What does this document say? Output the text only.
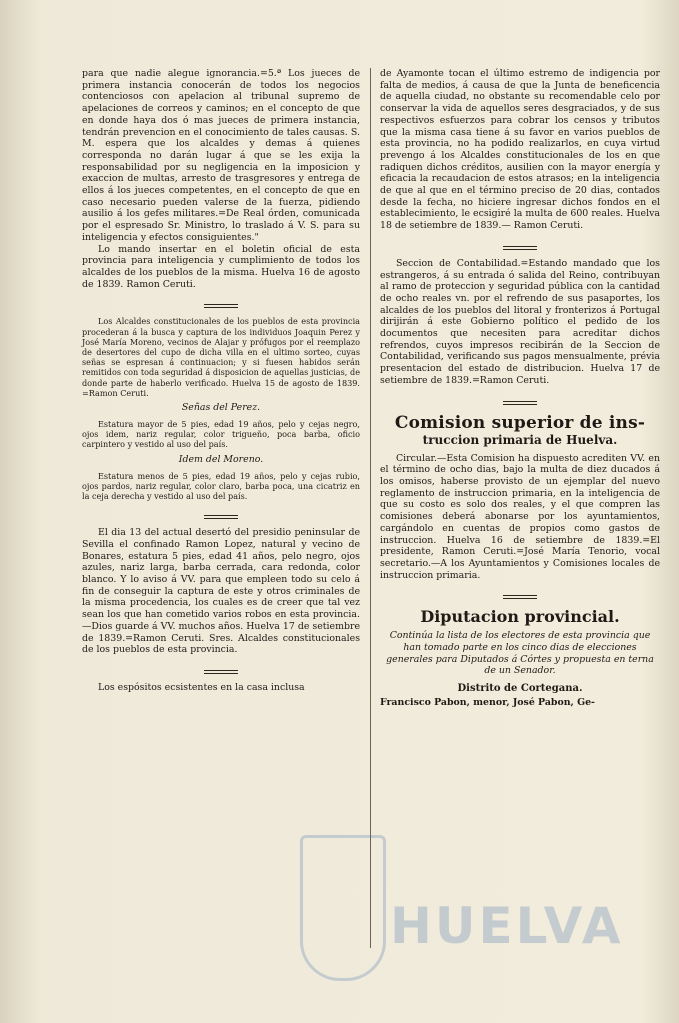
para que nadie alegue ignorancia.=5.ª Los jueces de primera instancia conocerán de todos los negocios contenciosos con apelacion al tribunal supremo de apelaciones de correos y caminos; en el concepto de que en donde haya dos ó mas jueces de primera instancia, tendrán prevencion en el conocimiento de tales causas. S. M. espera que los alcaldes y demas á quienes corresponda no darán lugar á que se les exija la responsabilidad por su negligencia en la imposicion y exaccion de multas, arresto de trasgresores y entrega de ellos á los jueces competentes, en el concepto de que en caso necesario pueden valerse de la fuerza, pidiendo ausilio á los gefes militares.=De Real órden, comunicada por el espresado Sr. Ministro, lo traslado á V. S. para su inteligencia y efectos consiguientes."

Lo mando insertar en el boletin oficial de esta provincia para inteligencia y cumplimiento de todos los alcaldes de los pueblos de la misma. Huelva 16 de agosto de 1839. Ramon Ceruti.

Los Alcaldes constitucionales de los pueblos de esta provincia procederan á la busca y captura de los individuos Joaquin Perez y José María Moreno, vecinos de Alajar y prófugos por el reemplazo de desertores del cupo de dicha villa en el ultimo sorteo, cuyas señas se espresan á continuacion; y si fuesen habidos serán remitidos con toda seguridad á disposicion de aquellas justicias, de donde parte de haberlo verificado. Huelva 15 de agosto de 1839. =Ramon Ceruti.

Señas del Perez.

Estatura mayor de 5 pies, edad 19 años, pelo y cejas negro, ojos idem, nariz regular, color trigueño, poca barba, oficio carpintero y vestido al uso del país.

Idem del Moreno.

Estatura menos de 5 pies, edad 19 años, pelo y cejas rubio, ojos pardos, nariz regular, color claro, barba poca, una cicatriz en la ceja derecha y vestido al uso del país.

El dia 13 del actual desertó del presidio peninsular de Sevilla el confinado Ramon Lopez, natural y vecino de Bonares, estatura 5 pies, edad 41 años, pelo negro, ojos azules, nariz larga, barba cerrada, cara redonda, color blanco. Y lo aviso á VV. para que empleen todo su celo á fin de conseguir la captura de este y otros criminales de la misma procedencia, los cuales es de creer que tal vez sean los que han cometido varios robos en esta provincia.—Dios guarde á VV. muchos años. Huelva 17 de setiembre de 1839.=Ramon Ceruti. Sres. Alcaldes constitucionales de los pueblos de esta provincia.

Los espósitos ecsistentes en la casa inclusa

de Ayamonte tocan el último estremo de indigencia por falta de medios, á causa de que la Junta de beneficencia de aquella ciudad, no obstante su recomendable celo por conservar la vida de aquellos seres desgraciados, y de sus respectivos esfuerzos para cobrar los censos y tributos que la misma casa tiene á su favor en varios pueblos de esta provincia, no ha podido realizarlos, en cuya virtud prevengo á los Alcaldes constitucionales de los en que radiquen dichos créditos, ausilien con la mayor energía y eficacia la recaudacion de estos atrasos; en la inteligencia de que al que en el término preciso de 20 dias, contados desde la fecha, no hiciere ingresar dichos fondos en el establecimiento, le ecsigiré la multa de 600 reales. Huelva 18 de setiembre de 1839.— Ramon Ceruti.

Seccion de Contabilidad.=Estando mandado que los estrangeros, á su entrada ó salida del Reino, contribuyan al ramo de proteccion y seguridad pública con la cantidad de ocho reales vn. por el refrendo de sus pasaportes, los alcaldes de los pueblos del litoral y fronterizos á Portugal dirijirán á este Gobierno político el pedido de los documentos que necesiten para acreditar dichos refrendos, cuyos impresos recibirán de la Seccion de Contabilidad, verificando sus pagos mensualmente, prévia presentacion del estado de distribucion. Huelva 17 de setiembre de 1839.=Ramon Ceruti.

Comision superior de ins-
truccion primaria de Huelva.

Circular.—Esta Comision ha dispuesto acrediten VV. en el término de ocho dias, bajo la multa de diez ducados á los omisos, haberse provisto de un ejemplar del nuevo reglamento de instruccion primaria, en la inteligencia de que su costo es solo dos reales, y el que compren las comisiones deberá abonarse por los ayuntamientos, cargándolo en cuentas de propios como gastos de instruccion. Huelva 16 de setiembre de 1839.=El presidente, Ramon Ceruti.=José María Tenorio, vocal secretario.—A los Ayuntamientos y Comisiones locales de instruccion primaria.

Diputacion provincial.

Continúa la lista de los electores de esta provincia que han tomado parte en los cinco dias de elecciones generales para Diputados á Córtes y propuesta en terna de un Senador.

Distrito de Cortegana.

Francisco Pabon, menor, José Pabon, Ge-

HUELVA
